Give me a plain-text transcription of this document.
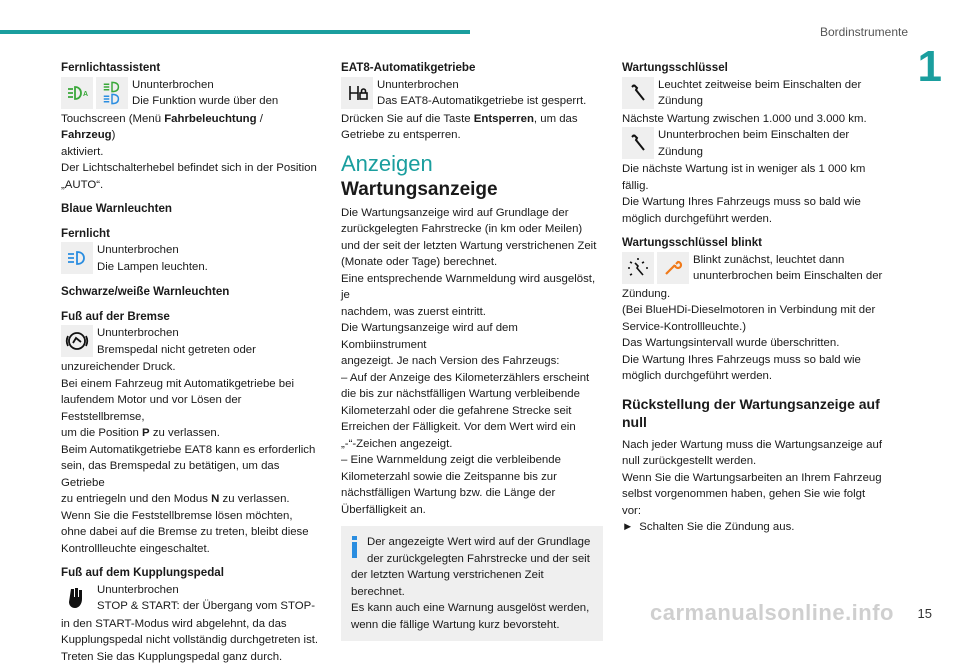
Bordinstrumente
1
15

Fernlichtassistent

A

Ununterbrochen

Die Funktion wurde über den

Touchscreen (Menü Fahrbeleuchtung / Fahrzeug)

aktiviert.

Der Lichtschalterhebel befindet sich in der Position

„AUTO“.

Blaue Warnleuchten

Fernlicht

Ununterbrochen

Die Lampen leuchten.

Schwarze/weiße Warnleuchten

Fuß auf der Bremse

Ununterbrochen

Bremspedal nicht getreten oder

unzureichender Druck.

Bei einem Fahrzeug mit Automatikgetriebe bei

laufendem Motor und vor Lösen der Feststellbremse,

um die Position P zu verlassen.

Beim Automatikgetriebe EAT8 kann es erforderlich

sein, das Bremspedal zu betätigen, um das Getriebe

zu entriegeln und den Modus N zu verlassen.

Wenn Sie die Feststellbremse lösen möchten,

ohne dabei auf die Bremse zu treten, bleibt diese

Kontrollleuchte eingeschaltet.

Fuß auf dem Kupplungspedal

Ununterbrochen

STOP & START: der Übergang vom STOP-

in den START-Modus wird abgelehnt, da das

Kupplungspedal nicht vollständig durchgetreten ist.

Treten Sie das Kupplungspedal ganz durch.

EAT8-Automatikgetriebe

Ununterbrochen

Das EAT8-Automatikgetriebe ist gesperrt.

Drücken Sie auf die Taste Entsperren, um das

Getriebe zu entsperren.

Anzeigen
Wartungsanzeige

Die Wartungsanzeige wird auf Grundlage der

zurückgelegten Fahrstrecke (in km oder Meilen)

und der seit der letzten Wartung verstrichenen Zeit

(Monate oder Tage) berechnet.

Eine entsprechende Warnmeldung wird ausgelöst, je

nachdem, was zuerst eintritt.

Die Wartungsanzeige wird auf dem Kombiinstrument

angezeigt. Je nach Version des Fahrzeugs:

– Auf der Anzeige des Kilometerzählers erscheint

die bis zur nächstfälligen Wartung verbleibende

Kilometerzahl oder die gefahrene Strecke seit

Erreichen der Fälligkeit. Vor dem Wert wird ein

„-“-Zeichen angezeigt.

– Eine Warnmeldung zeigt die verbleibende

Kilometerzahl sowie die Zeitspanne bis zur

nächstfälligen Wartung bzw. die Länge der

Überfälligkeit an.

Der angezeigte Wert wird auf der Grundlage

der zurückgelegten Fahrstrecke und der seit

der letzten Wartung verstrichenen Zeit berechnet.

Es kann auch eine Warnung ausgelöst werden,

wenn die fällige Wartung kurz bevorsteht.

Wartungsschlüssel

Leuchtet zeitweise beim Einschalten der

Zündung

Nächste Wartung zwischen 1.000 und 3.000 km.

Ununterbrochen beim Einschalten der

Zündung

Die nächste Wartung ist in weniger als 1 000 km fällig.

Die Wartung Ihres Fahrzeugs muss so bald wie

möglich durchgeführt werden.

Wartungsschlüssel blinkt

Blinkt zunächst, leuchtet dann

ununterbrochen beim Einschalten der

Zündung.

(Bei BlueHDi-Dieselmotoren in Verbindung mit der

Service-Kontrollleuchte.)

Das Wartungsintervall wurde überschritten.

Die Wartung Ihres Fahrzeugs muss so bald wie

möglich durchgeführt werden.

Rückstellung der Wartungsanzeige auf null

Nach jeder Wartung muss die Wartungsanzeige auf

null zurückgestellt werden.

Wenn Sie die Wartungsarbeiten an Ihrem Fahrzeug

selbst vorgenommen haben, gehen Sie wie folgt vor:

► Schalten Sie die Zündung aus.

carmanualsonline.info
